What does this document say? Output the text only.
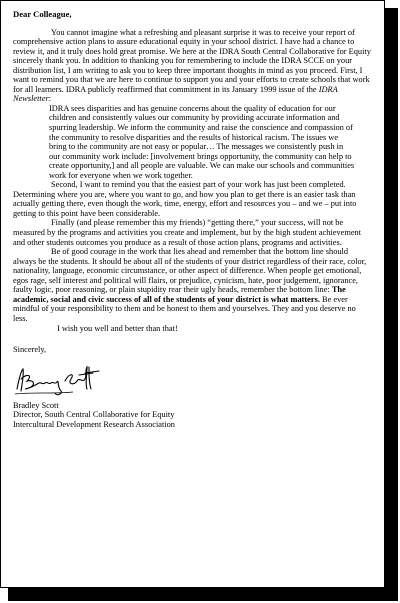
Dear Colleague,

You cannot imagine what a refreshing and pleasant surprise it was to receive your report of comprehensive action plans to assure educational equity in your school district. I have had a chance to review it, and it truly does hold great promise. We here at the IDRA South Central Collaborative for Equity sincerely thank you. In addition to thanking you for remembering to include the IDRA SCCE on your distribution list, I am writing to ask you to keep three important thoughts in mind as you proceed. First, I want to remind you that we are here to continue to support you and your efforts to create schools that work for all learners. IDRA publicly reaffirmed that commitment in its January 1999 issue of the IDRA Newsletter:

IDRA sees disparities and has genuine concerns about the quality of education for our children and consistently values our community by providing accurate information and spurring leadership. We inform the community and raise the conscience and compassion of the community to resolve disparities and the results of historical racism. The issues we bring to the community are not easy or popular… The messages we consistently push in our community work include: [involvement brings opportunity, the community can help to create opportunity,] and all people are valuable. We can make our schools and communities work for everyone when we work together.

Second, I want to remind you that the easiest part of your work has just been completed. Determining where you are, where you want to go, and how you plan to get there is an easier task than actually getting there, even though the work, time, energy, effort and resources you – and we – put into getting to this point have been considerable.

Finally (and please remember this my friends) “getting there,” your success, will not be measured by the programs and activities you create and implement, but by the high student achievement and other students outcomes you produce as a result of those action plans, programs and activities.

Be of good courage in the work that lies ahead and remember that the bottom line should always be the students. It should be about all of the students of your district regardless of their race, color, nationality, language, economic circumstance, or other aspect of difference. When people get emotional, egos rage, self interest and political will flairs, or prejudice, cynicism, hate, poor judgement, ignorance, faulty logic, poor reasoning, or plain stupidity rear their ugly heads, remember the bottom line: The academic, social and civic success of all of the students of your district is what matters. Be ever mindful of your responsibility to them and be honest to them and yourselves. They and you deserve no less.

I wish you well and better than that!

Sincerely,

Bradley Scott

Director, South Central Collaborative for Equity

Intercultural Development Research Association
